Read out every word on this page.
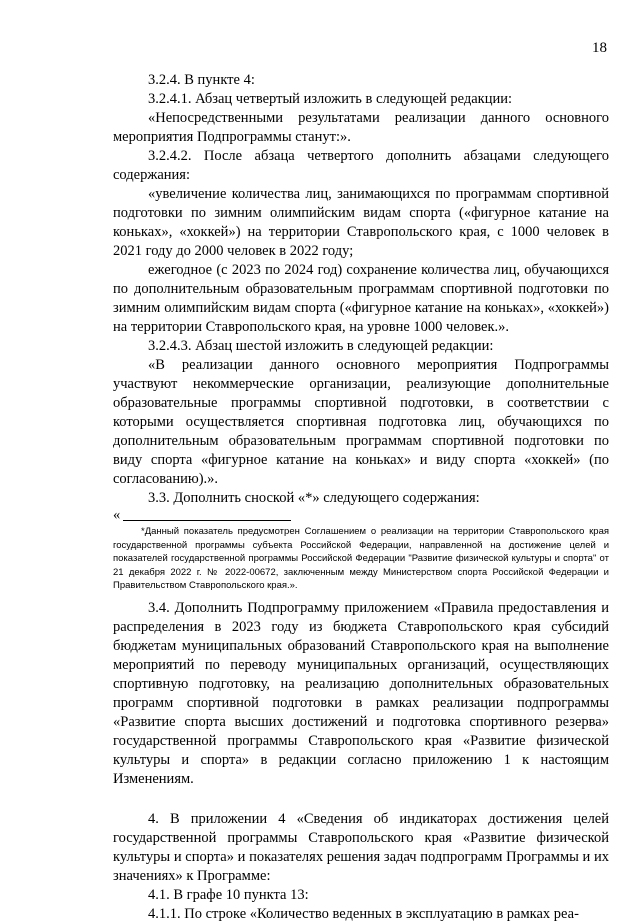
18

3.2.4. В пункте 4:

3.2.4.1. Абзац четвертый изложить в следующей редакции:

«Непосредственными результатами реализации данного основного мероприятия Подпрограммы станут:».

3.2.4.2. После абзаца четвертого дополнить абзацами следующего содержания:

«увеличение количества лиц, занимающихся по программам спортивной подготовки по зимним олимпийским видам спорта («фигурное катание на коньках», «хоккей») на территории Ставропольского края, с 1000 человек в 2021 году до 2000 человек в 2022 году;

ежегодное (с 2023 по 2024 год) сохранение количества лиц, обучающихся по дополнительным образовательным программам спортивной подготовки по зимним олимпийским видам спорта («фигурное катание на коньках», «хоккей») на территории Ставропольского края, на уровне 1000 человек.».

3.2.4.3. Абзац шестой изложить в следующей редакции:

«В реализации данного основного мероприятия Подпрограммы участвуют некоммерческие организации, реализующие дополнительные образовательные программы спортивной подготовки, в соответствии с которыми осуществляется спортивная подготовка лиц, обучающихся по дополнительным образовательным программам спортивной подготовки по виду спорта «фигурное катание на коньках» и виду спорта «хоккей» (по согласованию).».

3.3. Дополнить сноской «*» следующего содержания:

«

*Данный показатель предусмотрен Соглашением о реализации на территории Ставропольского края государственной программы субъекта Российской Федерации, направленной на достижение целей и показателей государственной программы Российской Федерации "Развитие физической культуры и спорта" от 21 декабря 2022 г. № 2022-00672, заключенным между Министерством спорта Российской Федерации и Правительством Ставропольского края.».

3.4. Дополнить Подпрограмму приложением «Правила предоставления и распределения в 2023 году из бюджета Ставропольского края субсидий бюджетам муниципальных образований Ставропольского края на выполнение мероприятий по переводу муниципальных организаций, осуществляющих спортивную подготовку, на реализацию дополнительных образовательных программ спортивной подготовки в рамках реализации подпрограммы «Развитие спорта высших достижений и подготовка спортивного резерва» государственной программы Ставропольского края «Развитие физической культуры и спорта» в редакции согласно приложению 1 к настоящим Изменениям.

4. В приложении 4 «Сведения об индикаторах достижения целей государственной программы Ставропольского края «Развитие физической культуры и спорта» и показателях решения задач подпрограмм Программы и их значениях» к Программе:

4.1. В графе 10 пункта 13:

4.1.1. По строке «Количество веденных в эксплуатацию в рамках реа-
